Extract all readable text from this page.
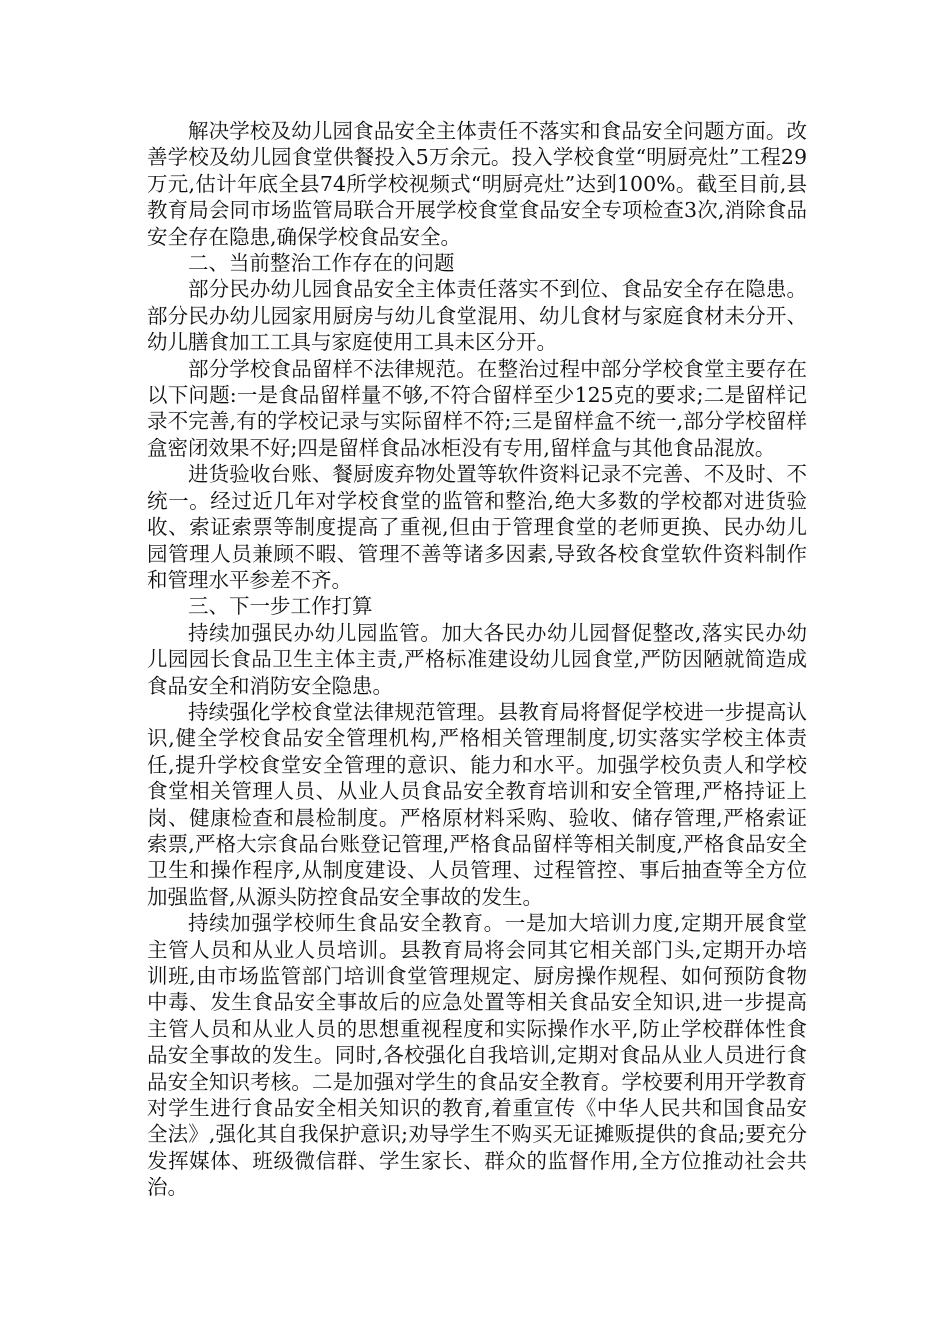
解决学校及幼儿园食品安全主体责任不落实和食品安全问题方面。改善学校及幼儿园食堂供餐投入5万余元。投入学校食堂“明厨亮灶”工程29万元,估计年底全县74所学校视频式“明厨亮灶”达到100%。截至目前,县教育局会同市场监管局联合开展学校食堂食品安全专项检查3次,消除食品安全存在隐患,确保学校食品安全。

二、当前整治工作存在的问题

部分民办幼儿园食品安全主体责任落实不到位、食品安全存在隐患。部分民办幼儿园家用厨房与幼儿食堂混用、幼儿食材与家庭食材未分开、幼儿膳食加工工具与家庭使用工具未区分开。

部分学校食品留样不法律规范。在整治过程中部分学校食堂主要存在以下问题:一是食品留样量不够,不符合留样至少125克的要求;二是留样记录不完善,有的学校记录与实际留样不符;三是留样盒不统一,部分学校留样盒密闭效果不好;四是留样食品冰柜没有专用,留样盒与其他食品混放。

进货验收台账、餐厨废弃物处置等软件资料记录不完善、不及时、不统一。经过近几年对学校食堂的监管和整治,绝大多数的学校都对进货验收、索证索票等制度提高了重视,但由于管理食堂的老师更换、民办幼儿园管理人员兼顾不暇、管理不善等诸多因素,导致各校食堂软件资料制作和管理水平参差不齐。

三、下一步工作打算

持续加强民办幼儿园监管。加大各民办幼儿园督促整改,落实民办幼儿园园长食品卫生主体主责,严格标准建设幼儿园食堂,严防因陋就简造成食品安全和消防安全隐患。

持续强化学校食堂法律规范管理。县教育局将督促学校进一步提高认识,健全学校食品安全管理机构,严格相关管理制度,切实落实学校主体责任,提升学校食堂安全管理的意识、能力和水平。加强学校负责人和学校食堂相关管理人员、从业人员食品安全教育培训和安全管理,严格持证上岗、健康检查和晨检制度。严格原材料采购、验收、储存管理,严格索证索票,严格大宗食品台账登记管理,严格食品留样等相关制度,严格食品安全卫生和操作程序,从制度建设、人员管理、过程管控、事后抽查等全方位加强监督,从源头防控食品安全事故的发生。

持续加强学校师生食品安全教育。一是加大培训力度,定期开展食堂主管人员和从业人员培训。县教育局将会同其它相关部门头,定期开办培训班,由市场监管部门培训食堂管理规定、厨房操作规程、如何预防食物中毒、发生食品安全事故后的应急处置等相关食品安全知识,进一步提高主管人员和从业人员的思想重视程度和实际操作水平,防止学校群体性食品安全事故的发生。同时,各校强化自我培训,定期对食品从业人员进行食品安全知识考核。二是加强对学生的食品安全教育。学校要利用开学教育对学生进行食品安全相关知识的教育,着重宣传《中华人民共和国食品安全法》,强化其自我保护意识;劝导学生不购买无证摊贩提供的食品;要充分发挥媒体、班级微信群、学生家长、群众的监督作用,全方位推动社会共治。
